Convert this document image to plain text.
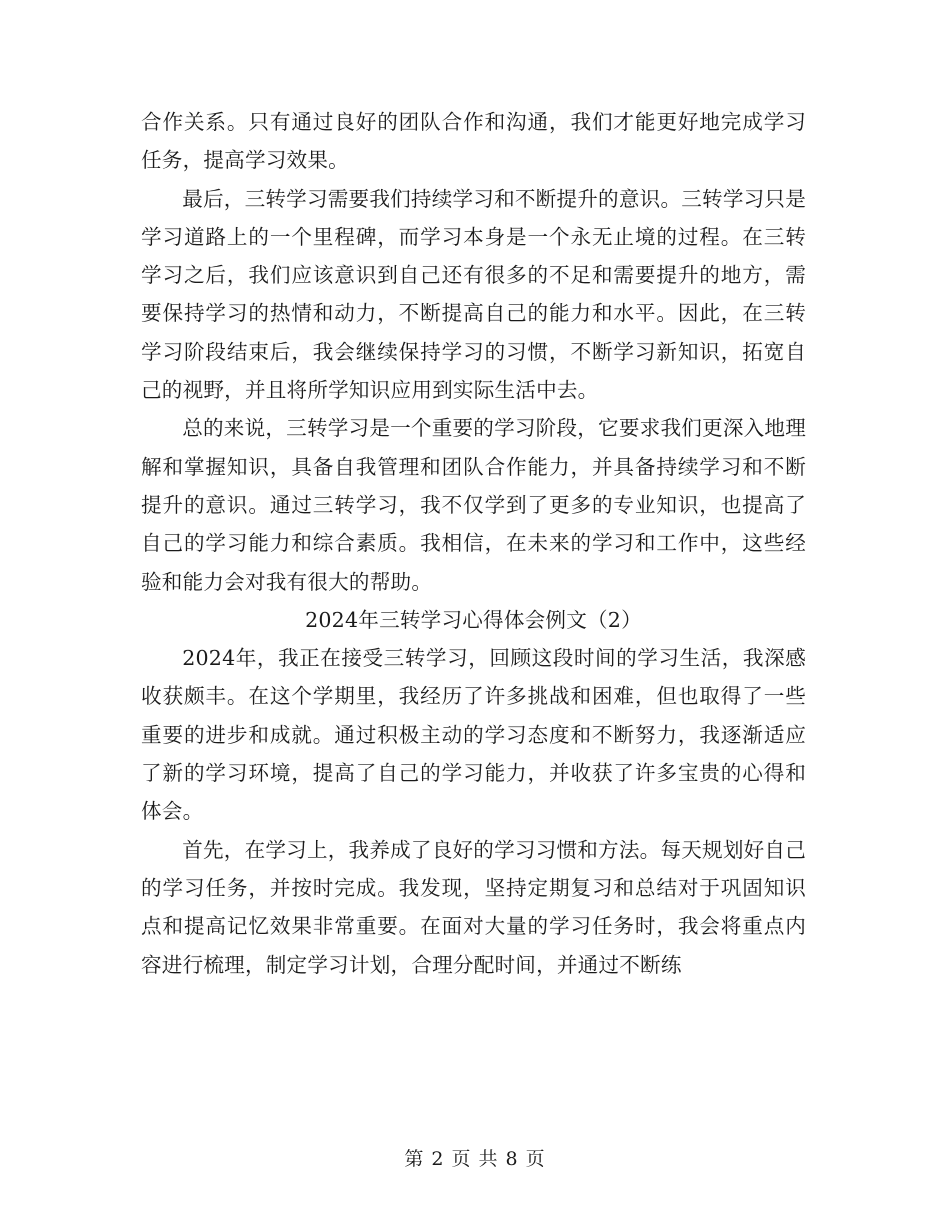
合作关系。只有通过良好的团队合作和沟通，我们才能更好地完成学习任务，提高学习效果。

最后，三转学习需要我们持续学习和不断提升的意识。三转学习只是学习道路上的一个里程碑，而学习本身是一个永无止境的过程。在三转学习之后，我们应该意识到自己还有很多的不足和需要提升的地方，需要保持学习的热情和动力，不断提高自己的能力和水平。因此，在三转学习阶段结束后，我会继续保持学习的习惯，不断学习新知识，拓宽自己的视野，并且将所学知识应用到实际生活中去。

总的来说，三转学习是一个重要的学习阶段，它要求我们更深入地理解和掌握知识，具备自我管理和团队合作能力，并具备持续学习和不断提升的意识。通过三转学习，我不仅学到了更多的专业知识，也提高了自己的学习能力和综合素质。我相信，在未来的学习和工作中，这些经验和能力会对我有很大的帮助。

2024年三转学习心得体会例文（2）

2024年，我正在接受三转学习，回顾这段时间的学习生活，我深感收获颇丰。在这个学期里，我经历了许多挑战和困难，但也取得了一些重要的进步和成就。通过积极主动的学习态度和不断努力，我逐渐适应了新的学习环境，提高了自己的学习能力，并收获了许多宝贵的心得和体会。

首先，在学习上，我养成了良好的学习习惯和方法。每天规划好自己的学习任务，并按时完成。我发现，坚持定期复习和总结对于巩固知识点和提高记忆效果非常重要。在面对大量的学习任务时，我会将重点内容进行梳理，制定学习计划，合理分配时间，并通过不断练

第 2 页 共 8 页
